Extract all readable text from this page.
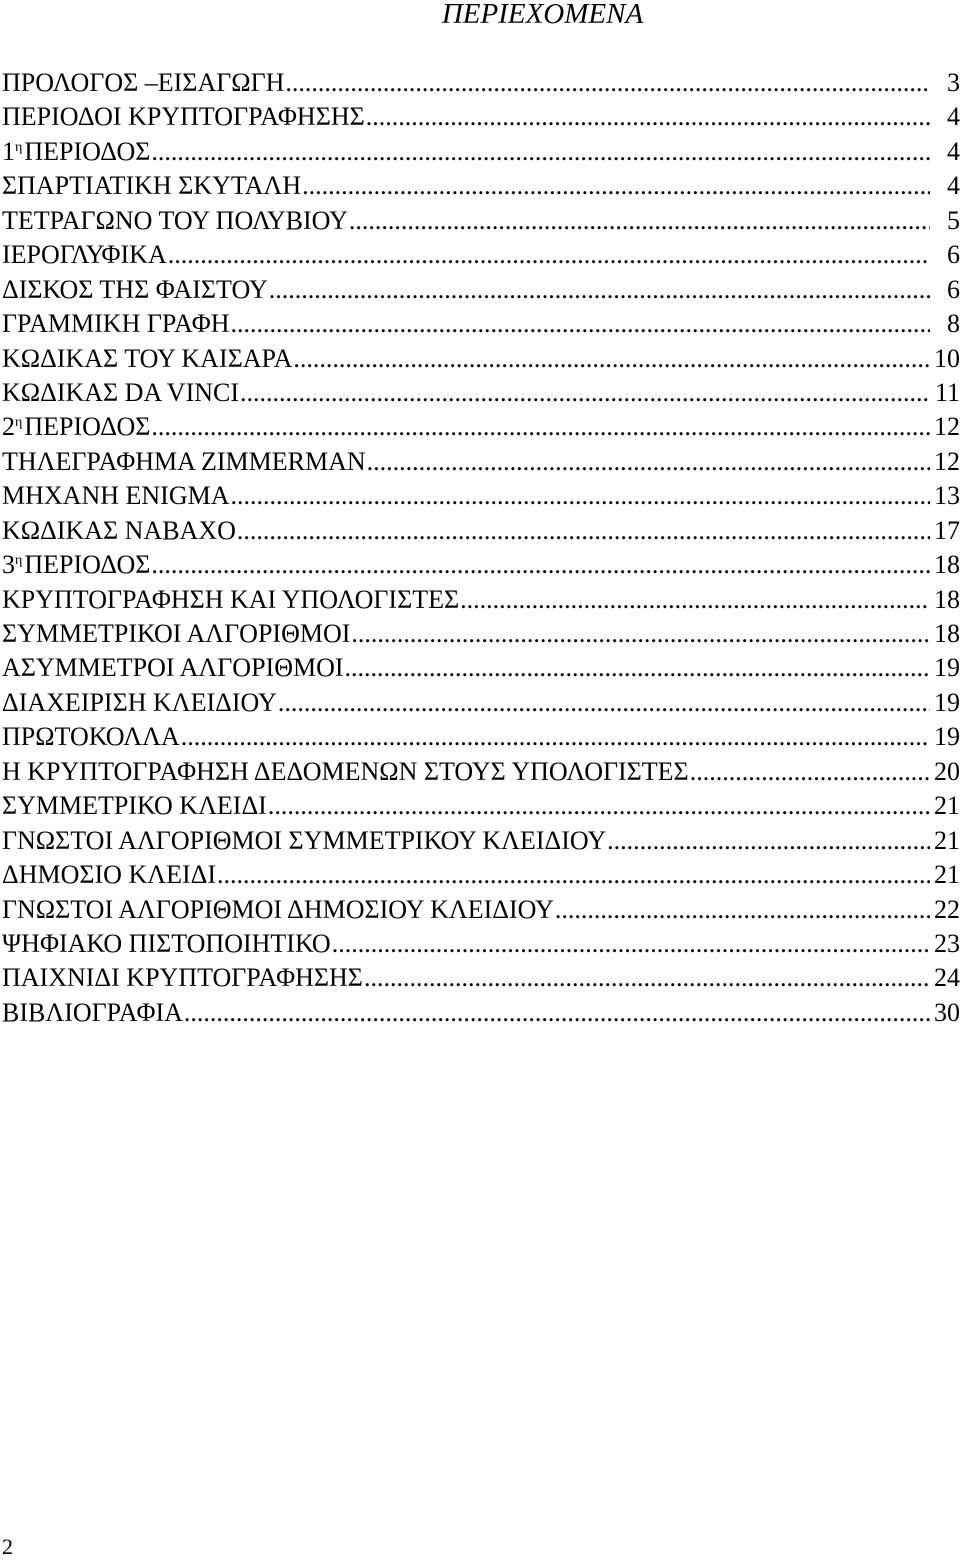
ΠΕΡΙΕΧΟΜΕΝΑ
ΠΡΟΛΟΓΟΣ –ΕΙΣΑΓΩΓΗ .....	3
ΠΕΡΙΟΔΟΙ ΚΡΥΠΤΟΓΡΑΦΗΣΗΣ .....	4
$1^\eta\Pi EPIO\Delta O\Sigma$ .....	4
ΣΠΑΡΤΙΑΤΙΚΗ ΣΚΥΤΑΛΗ .....	4
ΤΕΤΡΑΓΩΝΟ ΤΟΥ ΠΟΛΥΒΙΟΥ .....	5
ΙΕΡΟΓΛΥΦΙΚΑ .....	6
ΔΙΣΚΟΣ ΤΗΣ ΦΑΙΣΤΟΥ .....	6
ΓΡΑΜΜΙΚΗ ΓΡΑΦΗ .....	8
ΚΩΔΙΚΑΣ ΤΟΥ ΚΑΙΣΑΡΑ .....	10
ΚΩΔΙΚΑΣ DA VINCI .....	11
$2^\eta\Pi EPIO\Delta O\Sigma$ .....	12
ΤΗΛΕΓΡΑΦΗΜΑ ZIMMERMAN .....	12
ΜΗΧΑΝΗ ENIGMA .....	13
ΚΩΔΙΚΑΣ ΝΑΒΑΧΟ .....	17
$3^\eta\Pi EPIO\Delta O\Sigma$ .....	18
ΚΡΥΠΤΟΓΡΑΦΗΣΗ ΚΑΙ ΥΠΟΛΟΓΙΣΤΕΣ .....	18
ΣΥΜΜΕΤΡΙΚΟΙ ΑΛΓΟΡΙΘΜΟΙ .....	18
ΑΣΥΜΜΕΤΡΟΙ ΑΛΓΟΡΙΘΜΟΙ .....	19
ΔΙΑΧΕΙΡΙΣΗ ΚΛΕΙΔΙΟΥ .....	19
ΠΡΩΤΟΚΟΛΛΑ .....	19
Η ΚΡΥΠΤΟΓΡΑΦΗΣΗ ΔΕΔΟΜΕΝΩΝ ΣΤΟΥΣ ΥΠΟΛΟΓΙΣΤΕΣ .....	20
ΣΥΜΜΕΤΡΙΚΟ ΚΛΕΙΔΙ .....	21
ΓΝΩΣΤΟΙ ΑΛΓΟΡΙΘΜΟΙ ΣΥΜΜΕΤΡΙΚΟΥ ΚΛΕΙΔΙΟΥ .....	21
ΔΗΜΟΣΙΟ ΚΛΕΙΔΙ .....	21
ΓΝΩΣΤΟΙ ΑΛΓΟΡΙΘΜΟΙ ΔΗΜΟΣΙΟΥ ΚΛΕΙΔΙΟΥ .....	22
ΨΗΦΙΑΚΟ ΠΙΣΤΟΠΟΙΗΤΙΚΟ .....	23
ΠΑΙΧΝΙΔΙ ΚΡΥΠΤΟΓΡΑΦΗΣΗΣ .....	24
ΒΙΒΛΙΟΓΡΑΦΙΑ .....	30
2
